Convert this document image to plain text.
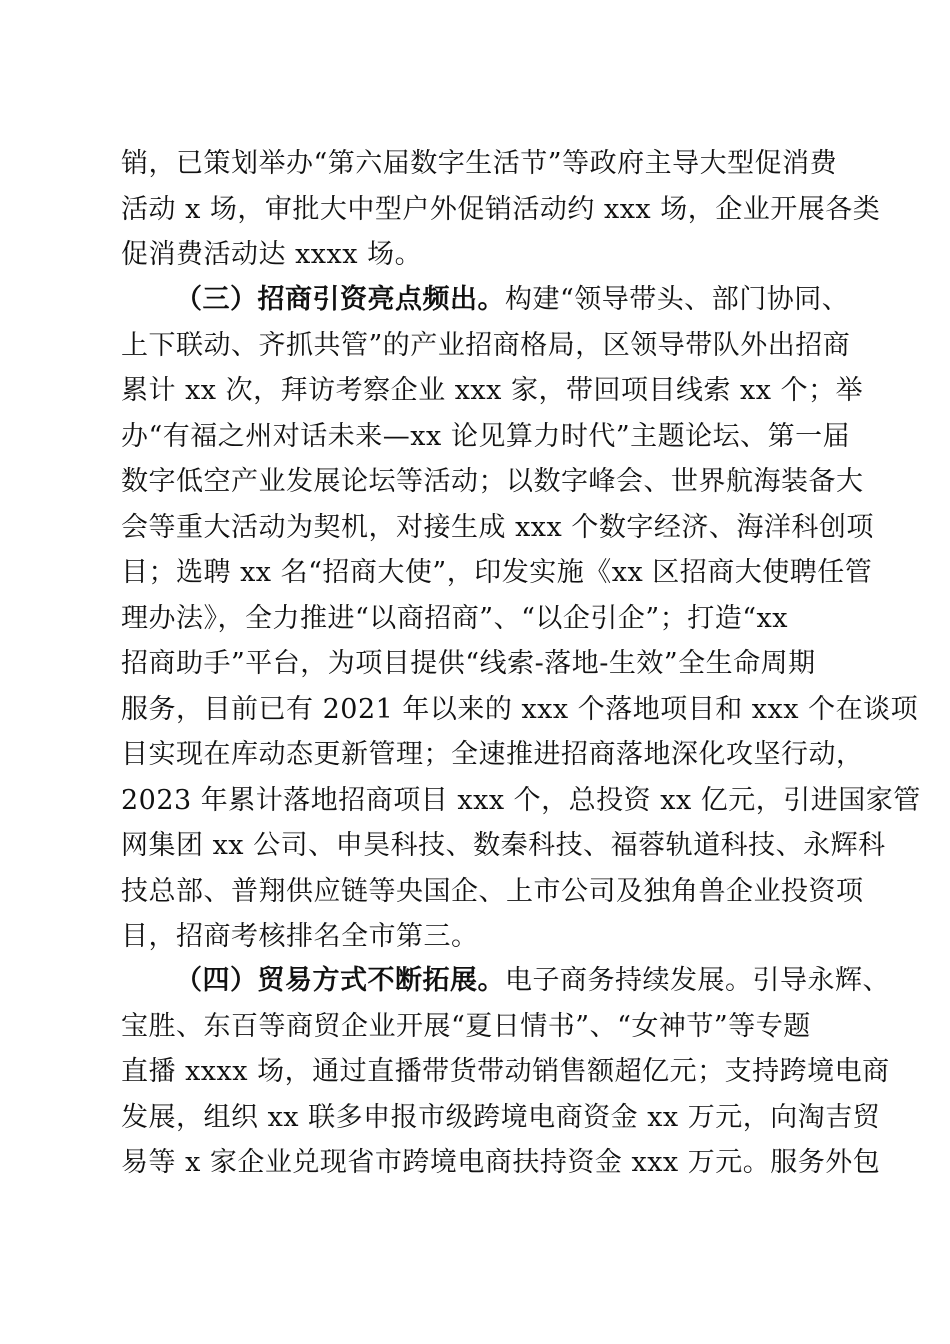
销，已策划举办“第六届数字生活节”等政府主导大型促消费
活动 x 场，审批大中型户外促销活动约 xxx 场，企业开展各类
促消费活动达 xxxx 场。
（三）招商引资亮点频出。构建“领导带头、部门协同、
上下联动、齐抓共管”的产业招商格局，区领导带队外出招商
累计 xx 次，拜访考察企业 xxx 家，带回项目线索 xx 个；举
办“有福之州对话未来—xx 论见算力时代”主题论坛、第一届
数字低空产业发展论坛等活动；以数字峰会、世界航海装备大
会等重大活动为契机，对接生成 xxx 个数字经济、海洋科创项
目；选聘 xx 名“招商大使”，印发实施《xx 区招商大使聘任管
理办法》，全力推进“以商招商”、“以企引企”；打造“xx
招商助手”平台，为项目提供“线索-落地-生效”全生命周期
服务，目前已有 2021 年以来的 xxx 个落地项目和 xxx 个在谈项
目实现在库动态更新管理；全速推进招商落地深化攻坚行动，
2023 年累计落地招商项目 xxx 个，总投资 xx 亿元，引进国家管
网集团 xx 公司、申昊科技、数秦科技、福蓉轨道科技、永辉科
技总部、普翔供应链等央国企、上市公司及独角兽企业投资项
目，招商考核排名全市第三。
（四）贸易方式不断拓展。电子商务持续发展。引导永辉、
宝胜、东百等商贸企业开展“夏日情书”、“女神节”等专题
直播 xxxx 场，通过直播带货带动销售额超亿元；支持跨境电商
发展，组织 xx 联多申报市级跨境电商资金 xx 万元，向淘吉贸
易等 x 家企业兑现省市跨境电商扶持资金 xxx 万元。服务外包
